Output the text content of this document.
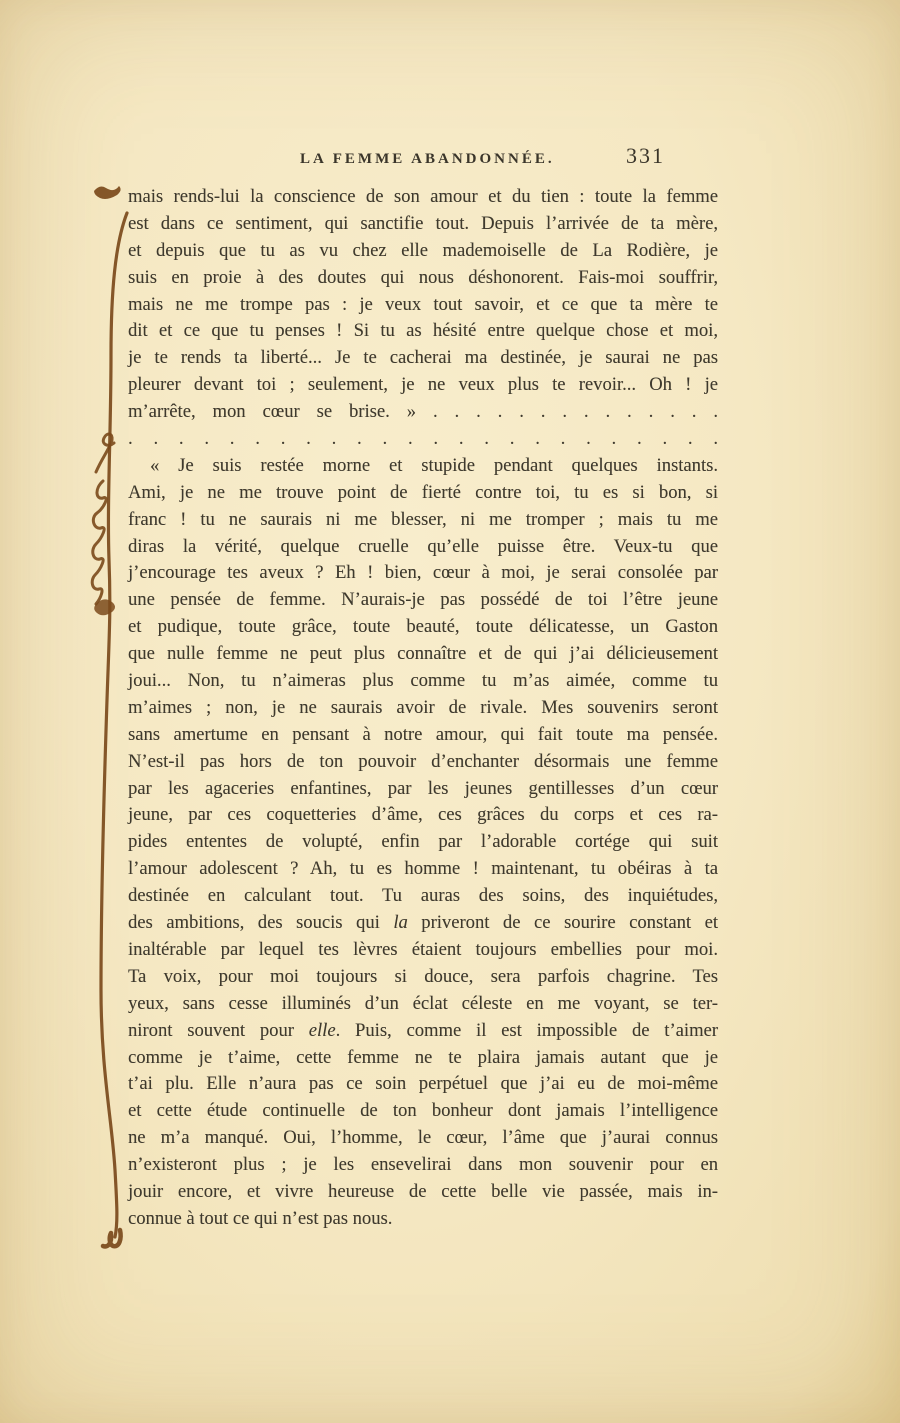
LA FEMME ABANDONNÉE.	331
mais rends-lui la conscience de son amour et du tien : toute la femme
est dans ce sentiment, qui sanctifie tout. Depuis l’arrivée de ta mère,
et depuis que tu as vu chez elle mademoiselle de La Rodière, je
suis en proie à des doutes qui nous déshonorent. Fais-moi souffrir,
mais ne me trompe pas : je veux tout savoir, et ce que ta mère te
dit et ce que tu penses ! Si tu as hésité entre quelque chose et moi,
je te rends ta liberté... Je te cacherai ma destinée, je saurai ne pas
pleurer devant toi ; seulement, je ne veux plus te revoir... Oh ! je
m’arrête, mon cœur se brise. » . . . . . . . . . . . . . .
. . . . . . . . . . . . . . . . . . . . . . . .
« Je suis restée morne et stupide pendant quelques instants.
Ami, je ne me trouve point de fierté contre toi, tu es si bon, si
franc ! tu ne saurais ni me blesser, ni me tromper ; mais tu me
diras la vérité, quelque cruelle qu’elle puisse être. Veux-tu que
j’encourage tes aveux ? Eh ! bien, cœur à moi, je serai consolée par
une pensée de femme. N’aurais-je pas possédé de toi l’être jeune
et pudique, toute grâce, toute beauté, toute délicatesse, un Gaston
que nulle femme ne peut plus connaître et de qui j’ai délicieusement
joui... Non, tu n’aimeras plus comme tu m’as aimée, comme tu
m’aimes ; non, je ne saurais avoir de rivale. Mes souvenirs seront
sans amertume en pensant à notre amour, qui fait toute ma pensée.
N’est-il pas hors de ton pouvoir d’enchanter désormais une femme
par les agaceries enfantines, par les jeunes gentillesses d’un cœur
jeune, par ces coquetteries d’âme, ces grâces du corps et ces ra-
pides ententes de volupté, enfin par l’adorable cortége qui suit
l’amour adolescent ? Ah, tu es homme ! maintenant, tu obéiras à ta
destinée en calculant tout. Tu auras des soins, des inquiétudes,
des ambitions, des soucis qui la priveront de ce sourire constant et
inaltérable par lequel tes lèvres étaient toujours embellies pour moi.
Ta voix, pour moi toujours si douce, sera parfois chagrine. Tes
yeux, sans cesse illuminés d’un éclat céleste en me voyant, se ter-
niront souvent pour elle. Puis, comme il est impossible de t’aimer
comme je t’aime, cette femme ne te plaira jamais autant que je
t’ai plu. Elle n’aura pas ce soin perpétuel que j’ai eu de moi-même
et cette étude continuelle de ton bonheur dont jamais l’intelligence
ne m’a manqué. Oui, l’homme, le cœur, l’âme que j’aurai connus
n’existeront plus ; je les ensevelirai dans mon souvenir pour en
jouir encore, et vivre heureuse de cette belle vie passée, mais in-
connue à tout ce qui n’est pas nous.
